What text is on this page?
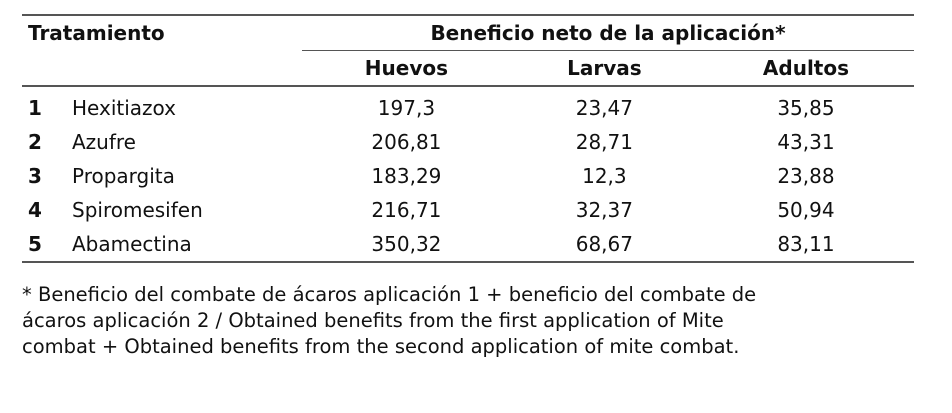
Tratamiento		Beneficio neto de la aplicación*		
		Huevos	Larvas	Adultos
1	Hexitiazox	197,3	23,47	35,85
2	Azufre	206,81	28,71	43,31
3	Propargita	183,29	12,3	23,88
4	Spiromesifen	216,71	32,37	50,94
5	Abamectina	350,32	68,67	83,11
* Beneficio del combate de ácaros aplicación 1 + beneficio del combate de
ácaros aplicación 2 / Obtained benefits from the first application of Mite
combat + Obtained benefits from the second application of mite combat.
